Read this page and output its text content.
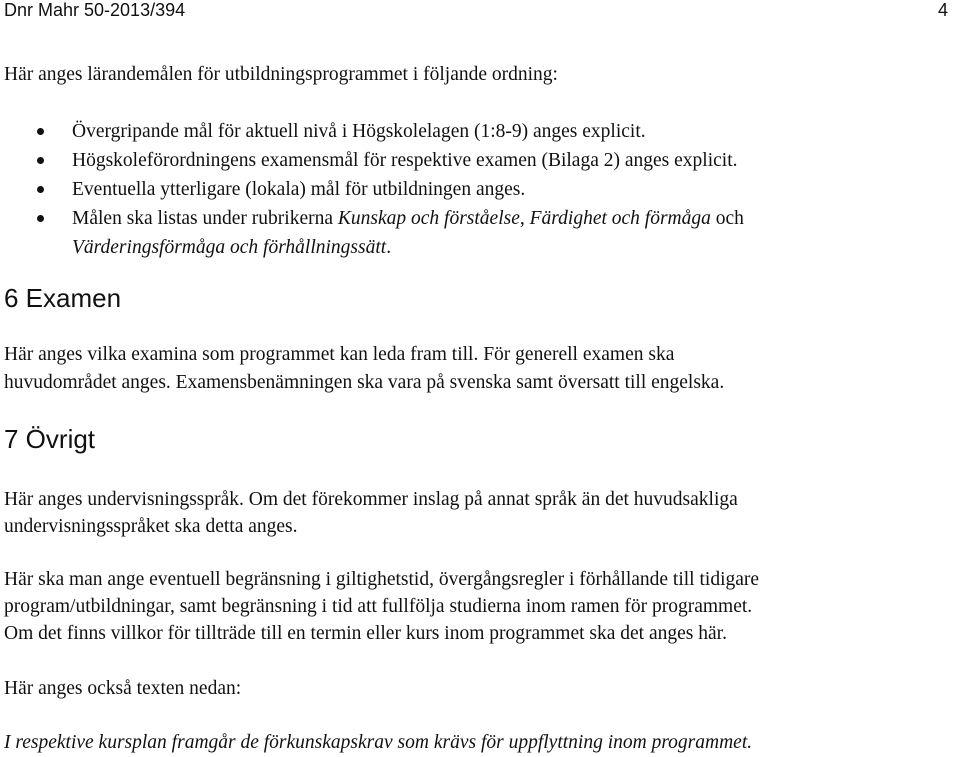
Dnr Mahr 50-2013/394	4

Här anges lärandemålen för utbildningsprogrammet i följande ordning:

Övergripande mål för aktuell nivå i Högskolelagen (1:8-9) anges explicit.
Högskoleförordningens examensmål för respektive examen (Bilaga 2) anges explicit.
Eventuella ytterligare (lokala) mål för utbildningen anges.
Målen ska listas under rubrikerna Kunskap och förståelse, Färdighet och förmåga och
Värderingsförmåga och förhållningssätt.
6 Examen

Här anges vilka examina som programmet kan leda fram till. För generell examen ska

huvudområdet anges. Examensbenämningen ska vara på svenska samt översatt till engelska.

7 Övrigt

Här anges undervisningsspråk. Om det förekommer inslag på annat språk än det huvudsakliga

undervisningsspråket ska detta anges.

Här ska man ange eventuell begränsning i giltighetstid, övergångsregler i förhållande till tidigare

program/utbildningar, samt begränsning i tid att fullfölja studierna inom ramen för programmet.

Om det finns villkor för tillträde till en termin eller kurs inom programmet ska det anges här.

Här anges också texten nedan:

I respektive kursplan framgår de förkunskapskrav som krävs för uppflyttning inom programmet.
